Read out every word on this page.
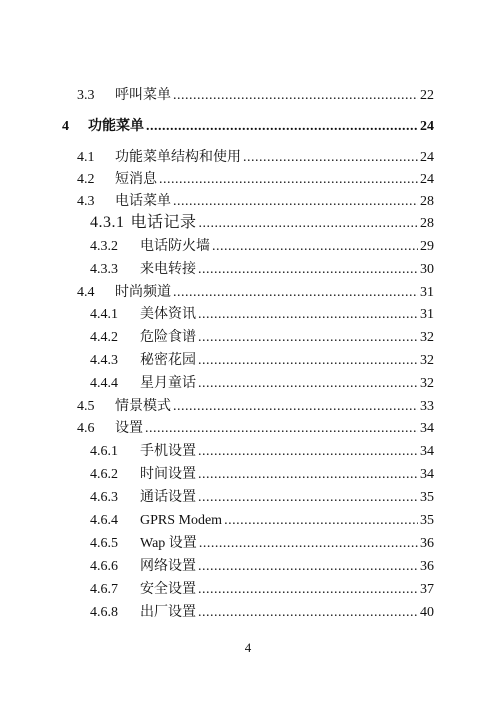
3.3	呼叫菜单 .....	22
4	功能菜单 .....	24
4.1	功能菜单结构和使用 .....	24
4.2	短消息 .....	24
4.3	电话菜单 .....	28
4.3.1 电话记录 .....	28
4.3.2	电话防火墙 .....	29
4.3.3	来电转接 .....	30
4.4	时尚频道 .....	31
4.4.1	美体资讯 .....	31
4.4.2	危险食谱 .....	32
4.4.3	秘密花园 .....	32
4.4.4	星月童话 .....	32
4.5	情景模式 .....	33
4.6	设置 .....	34
4.6.1	手机设置 .....	34
4.6.2	时间设置 .....	34
4.6.3	通话设置 .....	35
4.6.4	GPRS Modem .....	35
4.6.5	Wap 设置 .....	36
4.6.6	网络设置 .....	36
4.6.7	安全设置 .....	37
4.6.8	出厂设置 .....	40
4
